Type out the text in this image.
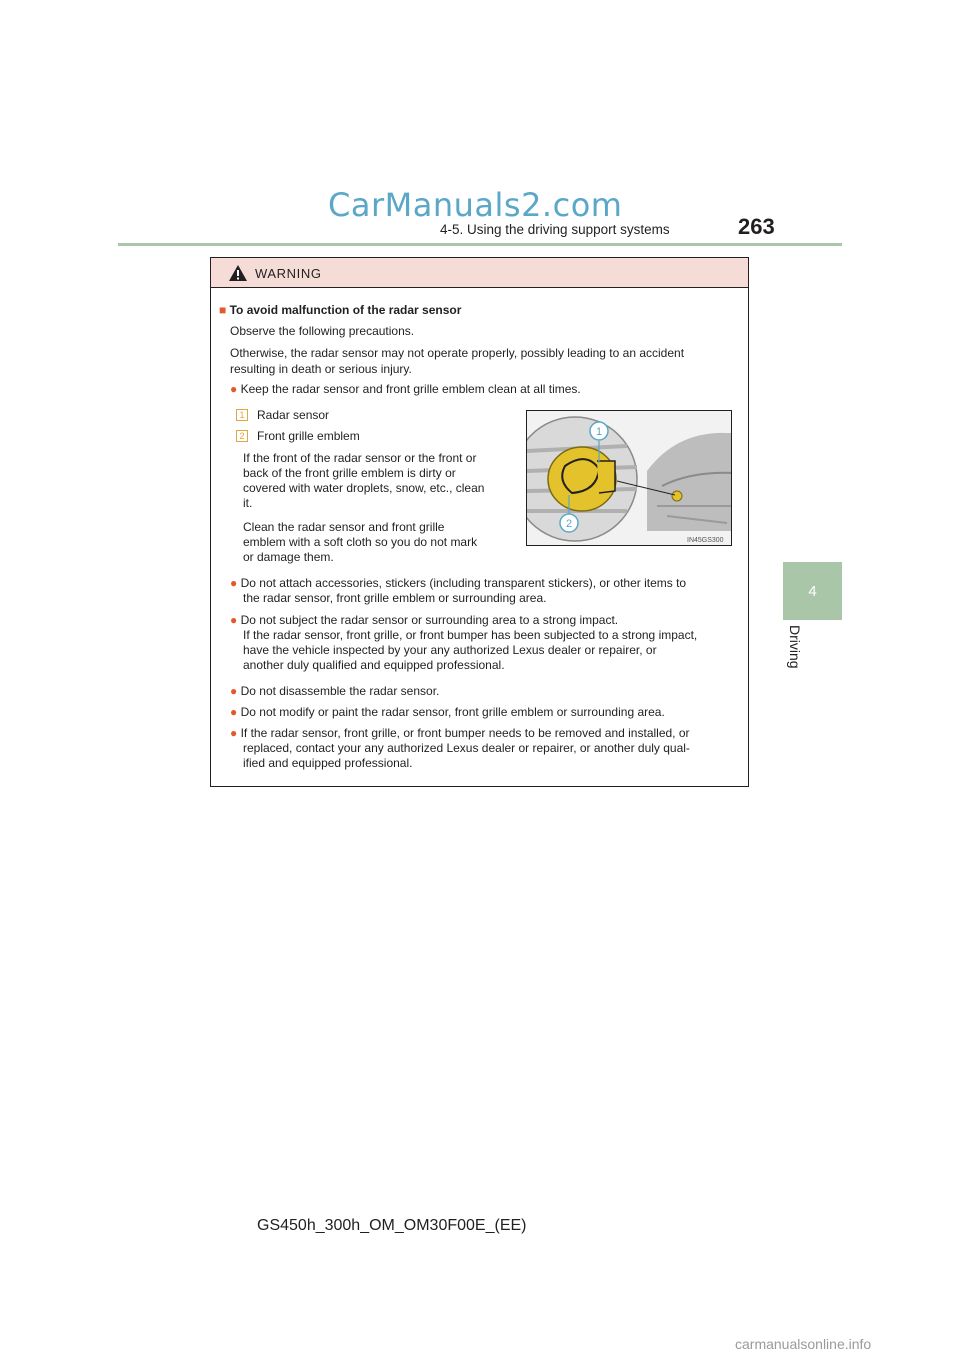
CarManuals2.com
4-5. Using the driving support systems	263
4
Driving
WARNING
■ To avoid malfunction of the radar sensor
Observe the following precautions.
Otherwise, the radar sensor may not operate properly, possibly leading to an accident
resulting in death or serious injury.
● Keep the radar sensor and front grille emblem clean at all times.
1 Radar sensor
2 Front grille emblem
If the front of the radar sensor or the front or
back of the front grille emblem is dirty or
covered with water droplets, snow, etc., clean
it.
Clean the radar sensor and front grille
emblem with a soft cloth so you do not mark
or damage them.
1
2
IN45GS300
● Do not attach accessories, stickers (including transparent stickers), or other items to
the radar sensor, front grille emblem or surrounding area.
● Do not subject the radar sensor or surrounding area to a strong impact.
If the radar sensor, front grille, or front bumper has been subjected to a strong impact,
have the vehicle inspected by your any authorized Lexus dealer or repairer, or
another duly qualified and equipped professional.
● Do not disassemble the radar sensor.
● Do not modify or paint the radar sensor, front grille emblem or surrounding area.
● If the radar sensor, front grille, or front bumper needs to be removed and installed, or
replaced, contact your any authorized Lexus dealer or repairer, or another duly qual-
ified and equipped professional.
GS450h_300h_OM_OM30F00E_(EE)
carmanualsonline.info
